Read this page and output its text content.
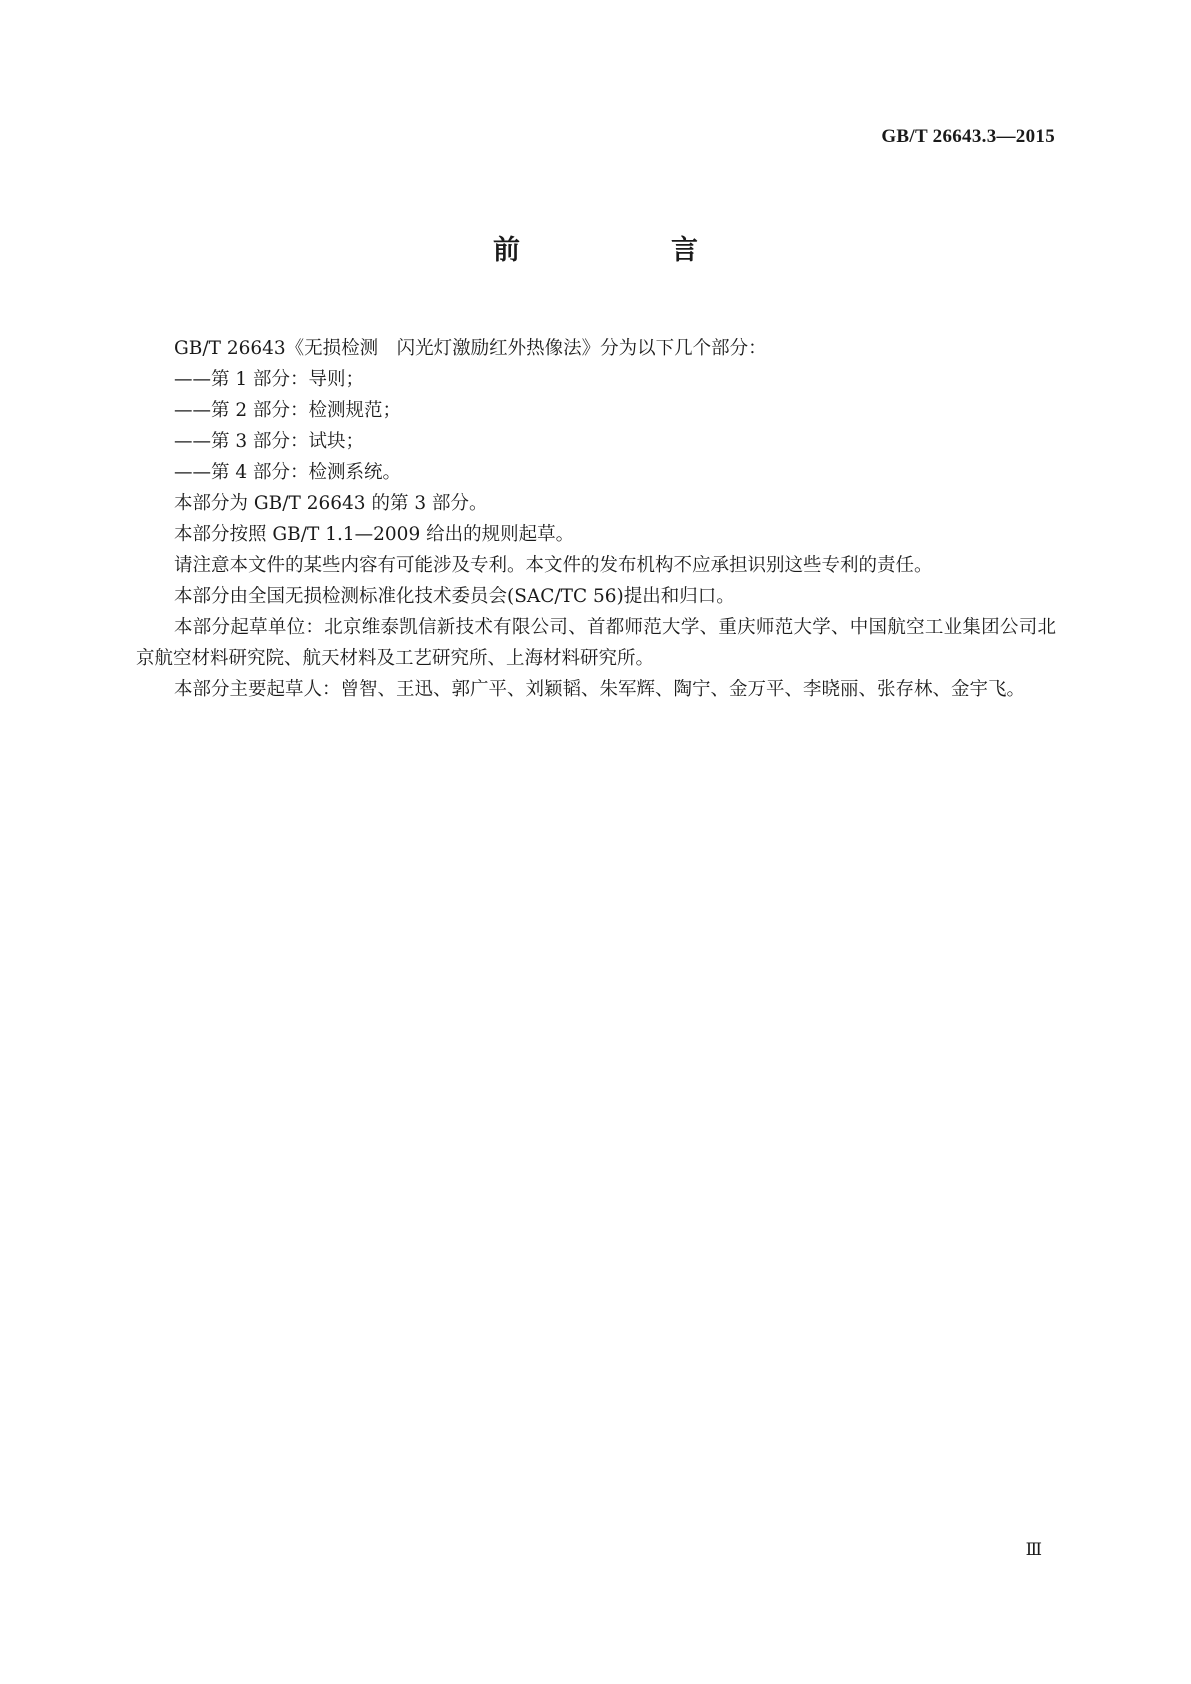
GB/T 26643.3—2015
前　言

GB/T 26643《无损检测　闪光灯激励红外热像法》分为以下几个部分：

——第 1 部分：导则；

——第 2 部分：检测规范；

——第 3 部分：试块；

——第 4 部分：检测系统。

本部分为 GB/T 26643 的第 3 部分。

本部分按照 GB/T 1.1—2009 给出的规则起草。

请注意本文件的某些内容有可能涉及专利。本文件的发布机构不应承担识别这些专利的责任。

本部分由全国无损检测标准化技术委员会(SAC/TC 56)提出和归口。

本部分起草单位：北京维泰凯信新技术有限公司、首都师范大学、重庆师范大学、中国航空工业集团公司北京航空材料研究院、航天材料及工艺研究所、上海材料研究所。

本部分主要起草人：曾智、王迅、郭广平、刘颖韬、朱军辉、陶宁、金万平、李晓丽、张存林、金宇飞。

Ⅲ
